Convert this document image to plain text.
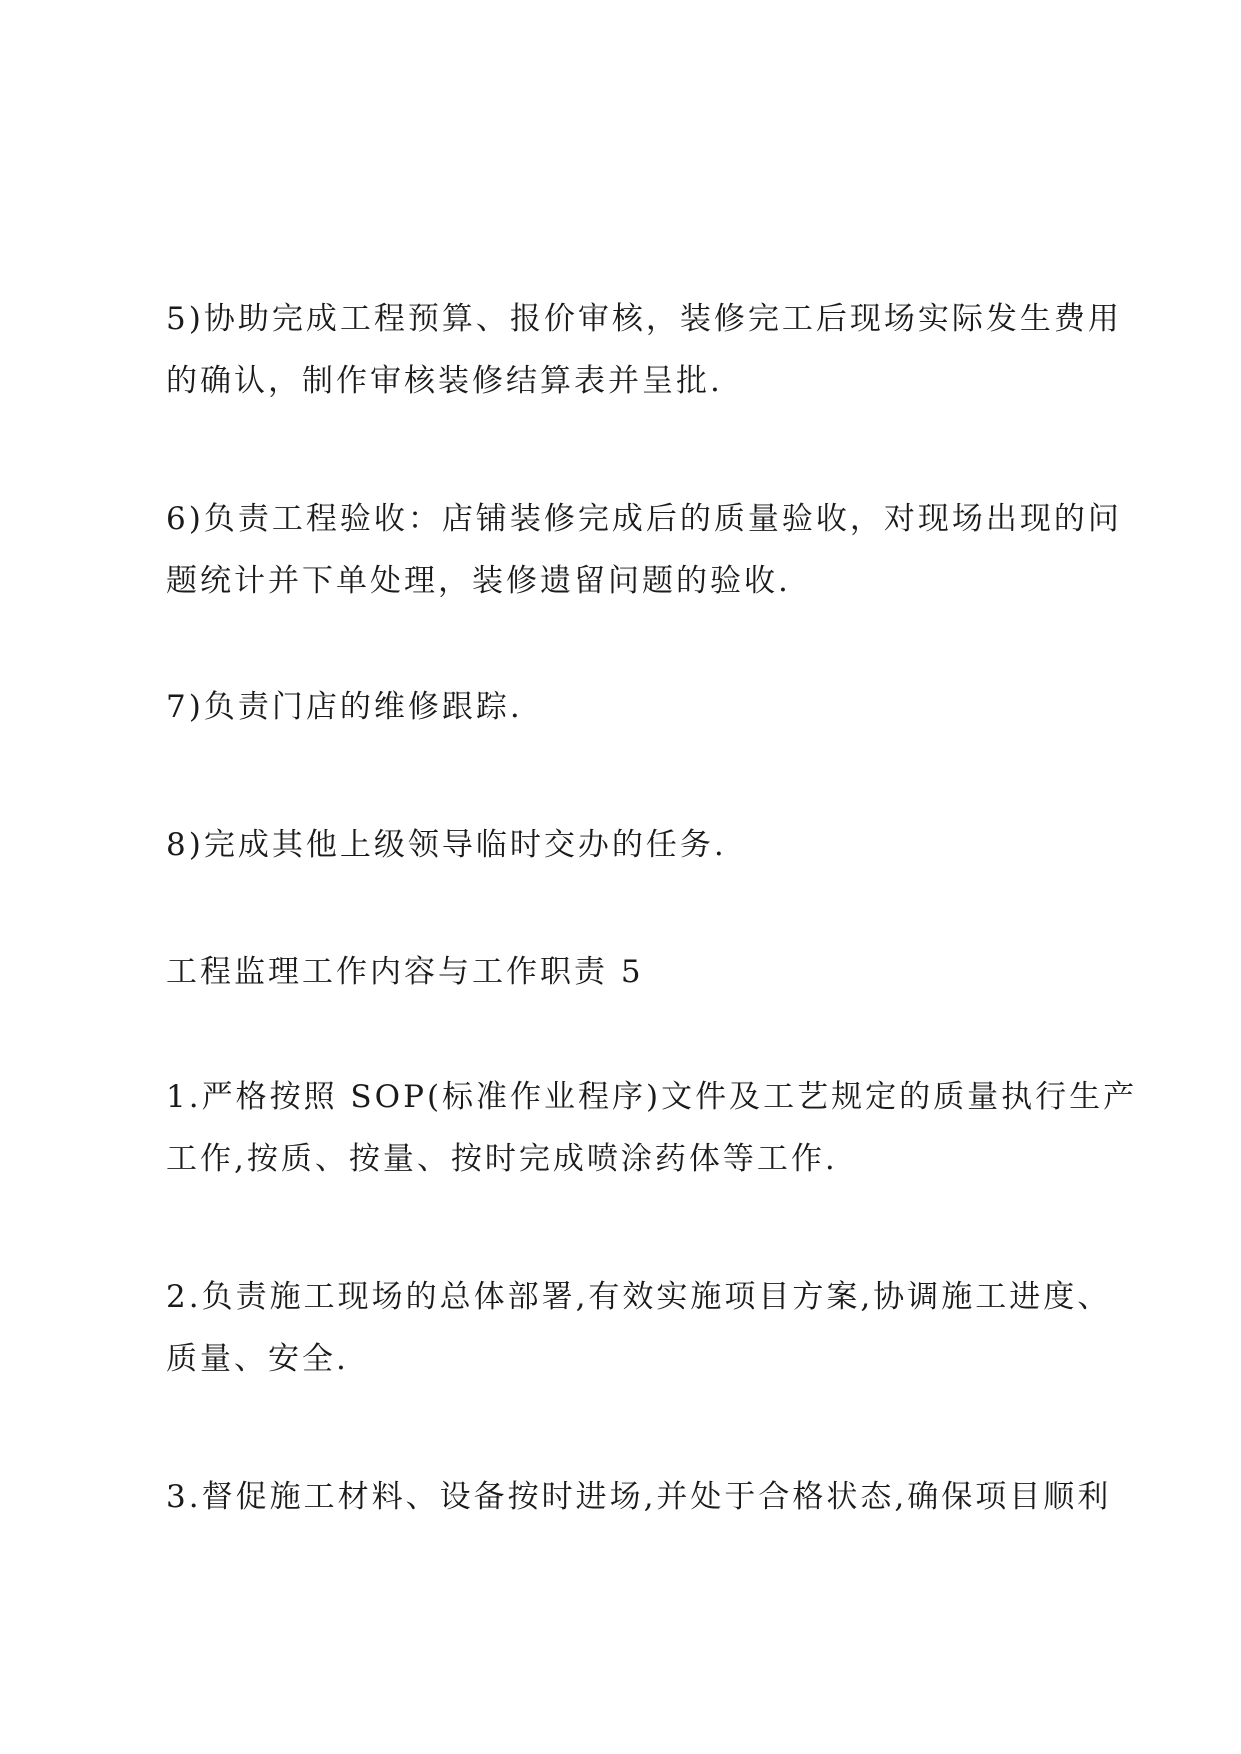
5)协助完成工程预算、报价审核，装修完工后现场实际发生费用
的确认，制作审核装修结算表并呈批.

6)负责工程验收：店铺装修完成后的质量验收，对现场出现的问
题统计并下单处理，装修遗留问题的验收.

7)负责门店的维修跟踪.

8)完成其他上级领导临时交办的任务.

工程监理工作内容与工作职责 5

1.严格按照 SOP(标准作业程序)文件及工艺规定的质量执行生产
工作,按质、按量、按时完成喷涂药体等工作.

2.负责施工现场的总体部署,有效实施项目方案,协调施工进度、
质量、安全.

3.督促施工材料、设备按时进场,并处于合格状态,确保项目顺利
